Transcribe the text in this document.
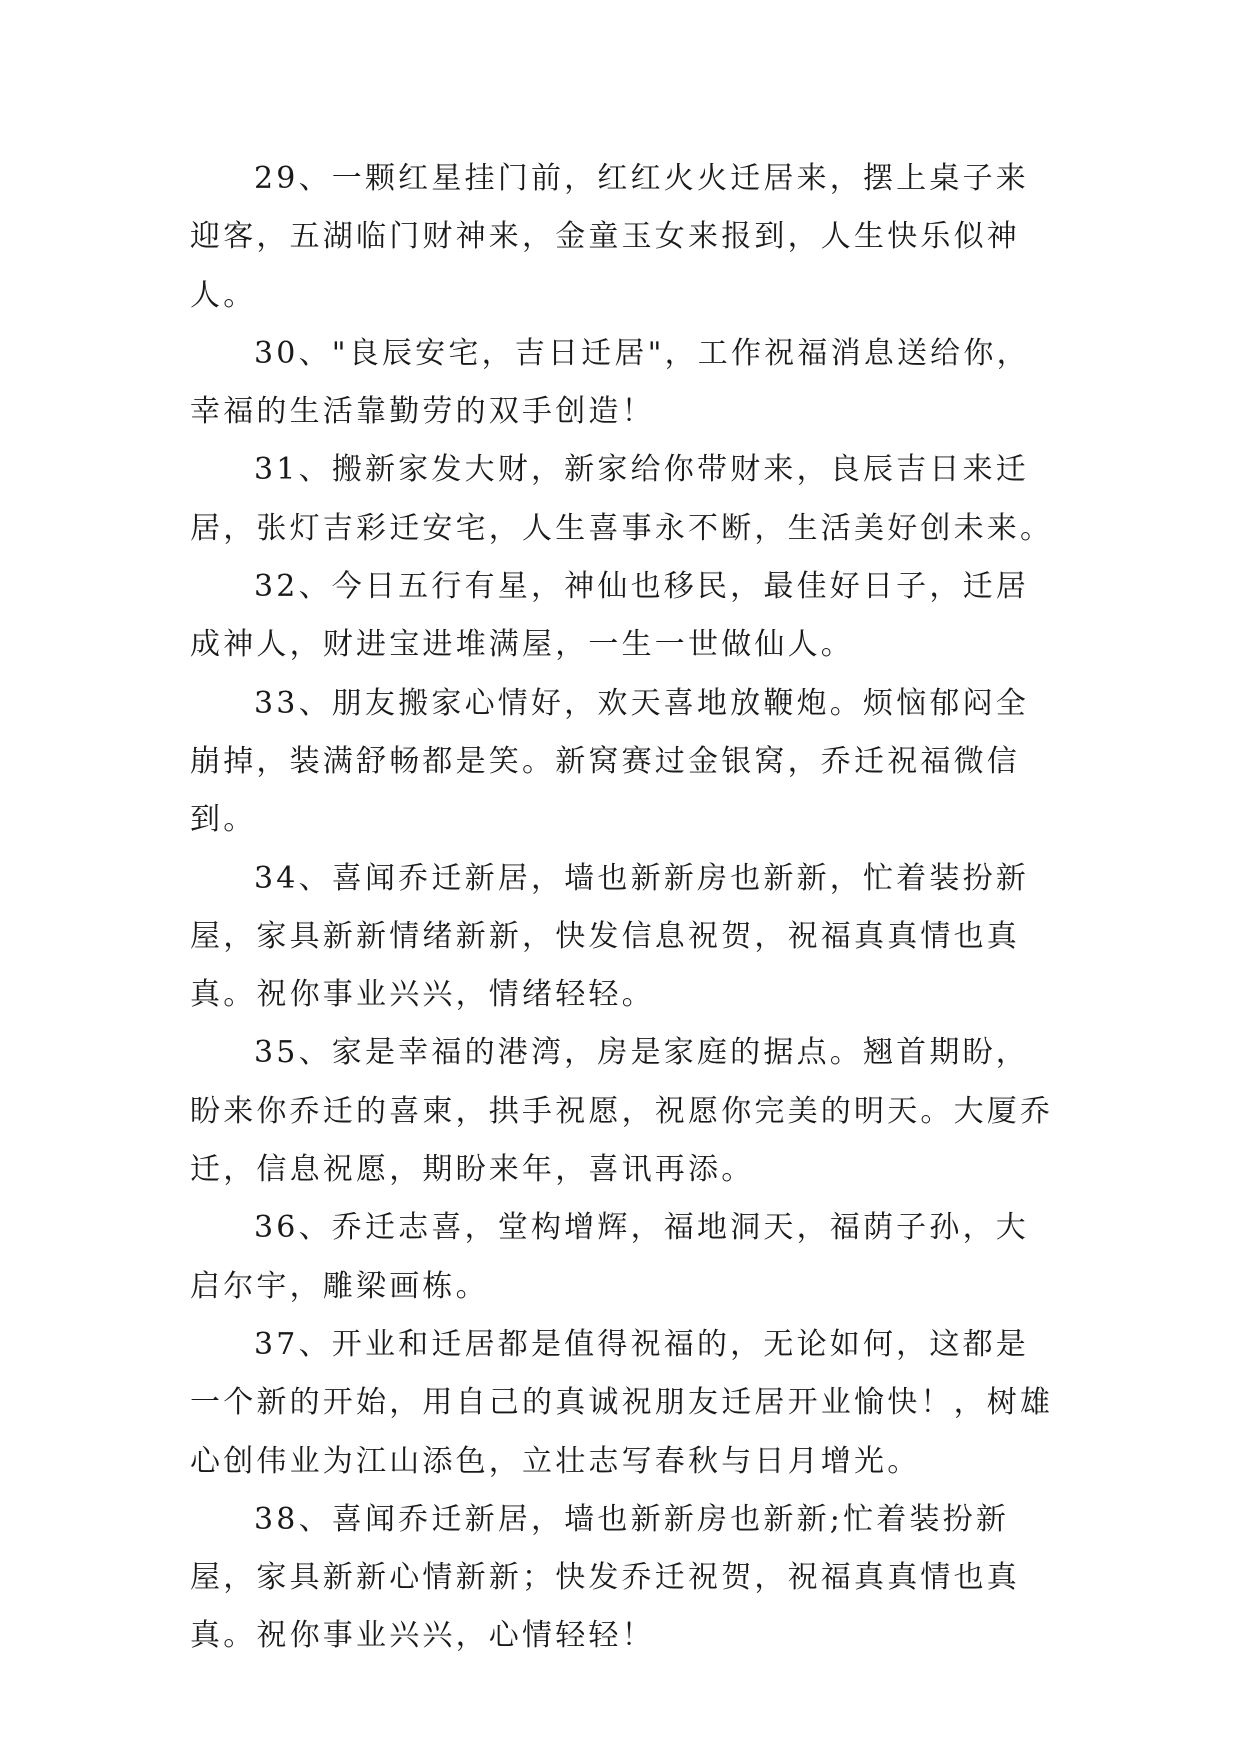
29、一颗红星挂门前，红红火火迁居来，摆上桌子来迎客，五湖临门财神来，金童玉女来报到，人生快乐似神人。

30、"良辰安宅，吉日迁居"，工作祝福消息送给你，幸福的生活靠勤劳的双手创造！

31、搬新家发大财，新家给你带财来，良辰吉日来迁居，张灯吉彩迁安宅，人生喜事永不断，生活美好创未来。

32、今日五行有星，神仙也移民，最佳好日子，迁居成神人，财进宝进堆满屋，一生一世做仙人。

33、朋友搬家心情好，欢天喜地放鞭炮。烦恼郁闷全崩掉，装满舒畅都是笑。新窝赛过金银窝，乔迁祝福微信到。

34、喜闻乔迁新居，墙也新新房也新新，忙着装扮新屋，家具新新情绪新新，快发信息祝贺，祝福真真情也真真。祝你事业兴兴，情绪轻轻。

35、家是幸福的港湾，房是家庭的据点。翘首期盼，盼来你乔迁的喜柬，拱手祝愿，祝愿你完美的明天。大厦乔迁，信息祝愿，期盼来年，喜讯再添。

36、乔迁志喜，堂构增辉，福地洞天，福荫子孙，大启尔宇，雕梁画栋。

37、开业和迁居都是值得祝福的，无论如何，这都是一个新的开始，用自己的真诚祝朋友迁居开业愉快！，树雄心创伟业为江山添色，立壮志写春秋与日月增光。

38、喜闻乔迁新居，墙也新新房也新新;忙着装扮新屋，家具新新心情新新；快发乔迁祝贺，祝福真真情也真真。祝你事业兴兴，心情轻轻！
